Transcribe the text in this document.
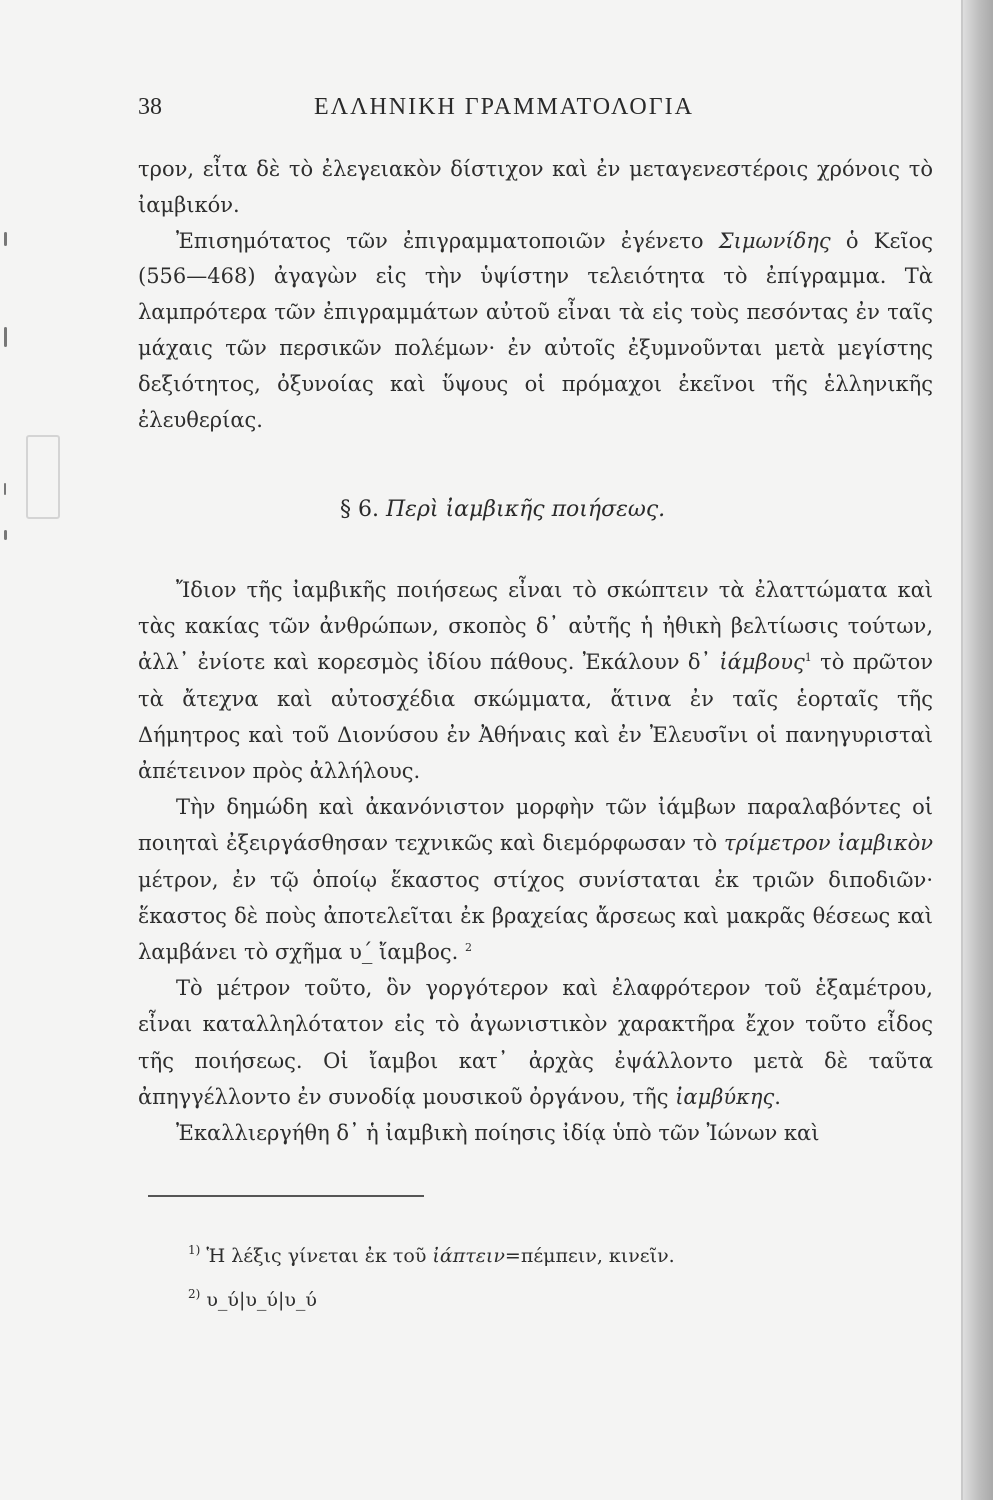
38	ΕΛΛΗΝΙΚΗ ΓΡΑΜΜΑΤΟΛΟΓΙΑ

τρον, εἶτα δὲ τὸ ἐλεγειακὸν δίστιχον καὶ ἐν μεταγενεστέροις χρόνοις τὸ ἰαμβικόν.

Ἐπισημότατος τῶν ἐπιγραμματοποιῶν ἐγένετο Σιμωνίδης ὁ Κεῖος (556—468) ἀγαγὼν εἰς τὴν ὑψίστην τελειότητα τὸ ἐπίγραμμα. Τὰ λαμπρότερα τῶν ἐπιγραμμάτων αὐτοῦ εἶναι τὰ εἰς τοὺς πεσόντας ἐν ταῖς μάχαις τῶν περσικῶν πολέμων· ἐν αὐτοῖς ἐξυμνοῦνται μετὰ μεγίστης δεξιότητος, ὀξυνοίας καὶ ὕψους οἱ πρόμαχοι ἐκεῖνοι τῆς ἑλληνικῆς ἐλευθερίας.

§ 6. Περὶ ἰαμβικῆς ποιήσεως.

Ἴδιον τῆς ἰαμβικῆς ποιήσεως εἶναι τὸ σκώπτειν τὰ ἐλαττώματα καὶ τὰς κακίας τῶν ἀνθρώπων, σκοπὸς δ᾿ αὐτῆς ἡ ἠθικὴ βελτίωσις τούτων, ἀλλ᾿ ἐνίοτε καὶ κορεσμὸς ἰδίου πάθους. Ἐκάλουν δ᾿ ἰάμβους$^1$ τὸ πρῶτον τὰ ἄτεχνα καὶ αὐτοσχέδια σκώμματα, ἅτινα ἐν ταῖς ἑορταῖς τῆς Δήμητρος καὶ τοῦ Διονύσου ἐν Ἀθήναις καὶ ἐν Ἐλευσῖνι οἱ πανηγυρισταὶ ἀπέτεινον πρὸς ἀλλήλους.

Τὴν δημώδη καὶ ἀκανόνιστον μορφὴν τῶν ἰάμβων παραλαβόντες οἱ ποιηταὶ ἐξειργάσθησαν τεχνικῶς καὶ διεμόρφωσαν τὸ τρίμετρον ἰαμβικὸν μέτρον, ἐν τῷ ὁποίῳ ἕκαστος στίχος συνίσταται ἐκ τριῶν διποδιῶν· ἕκαστος δὲ ποὺς ἀποτελεῖται ἐκ βραχείας ἄρσεως καὶ μακρᾶς θέσεως καὶ λαμβάνει τὸ σχῆμα υ_́ ἴαμβος. $^2$

Τὸ μέτρον τοῦτο, ὃν γοργότερον καὶ ἐλαφρότερον τοῦ ἑξαμέτρου, εἶναι καταλληλότατον εἰς τὸ ἀγωνιστικὸν χαρακτῆρα ἔχον τοῦτο εἶδος τῆς ποιήσεως. Οἱ ἴαμβοι κατ᾿ ἀρχὰς ἐψάλλοντο μετὰ δὲ ταῦτα ἀπηγγέλλοντο ἐν συνοδίᾳ μουσικοῦ ὀργάνου, τῆς ἰαμβύκης.

Ἐκαλλιεργήθη δ᾿ ἡ ἰαμβικὴ ποίησις ἰδίᾳ ὑπὸ τῶν Ἰώνων καὶ

$^{1)}$ Ἡ λέξις γίνεται ἐκ τοῦ ἰάπτειν=πέμπειν, κινεῖν.
$^{2)}$ υ_ύ|υ_ύ|υ_ύ
